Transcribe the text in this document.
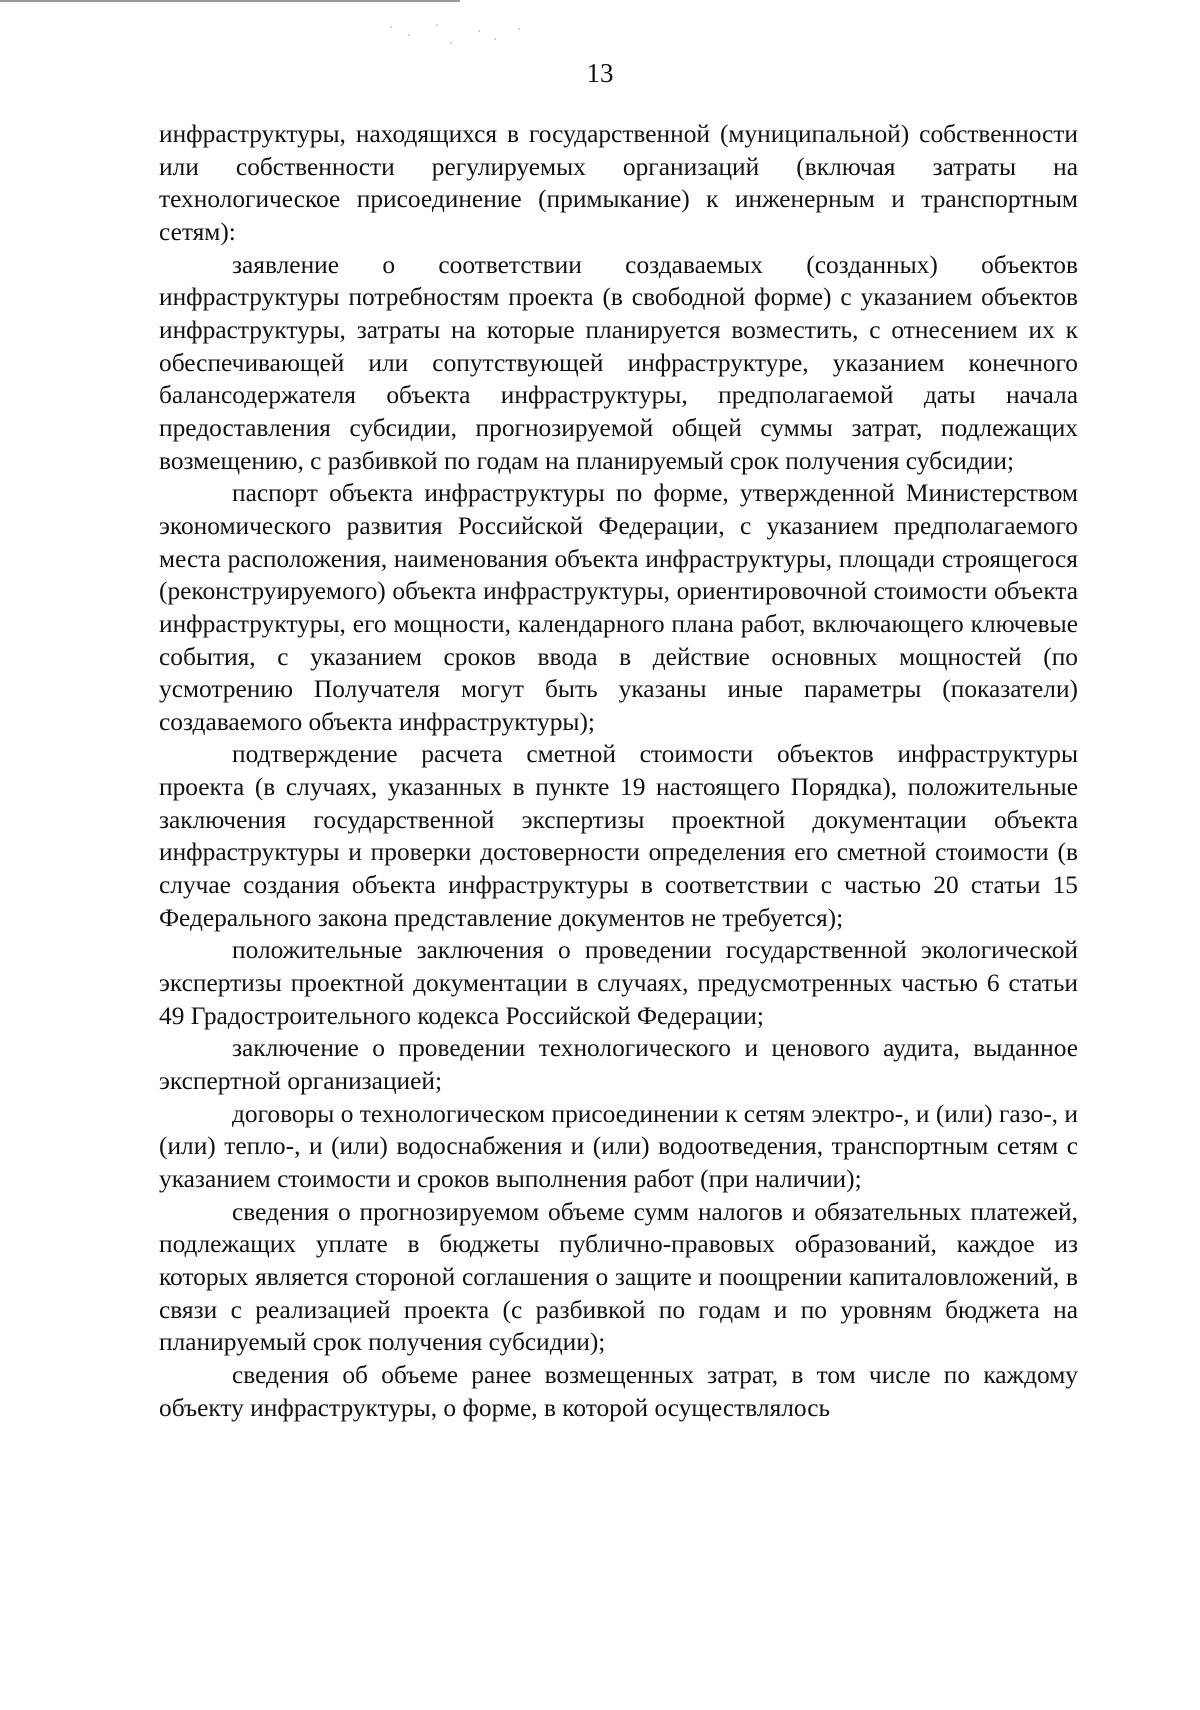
13

инфраструктуры, находящихся в государственной (муниципальной) собственности или собственности регулируемых организаций (включая затраты на технологическое присоединение (примыкание) к инженерным и транспортным сетям):

заявление о соответствии создаваемых (созданных) объектов инфраструктуры потребностям проекта (в свободной форме) с указанием объектов инфраструктуры, затраты на которые планируется возместить, с отнесением их к обеспечивающей или сопутствующей инфраструктуре, указанием конечного балансодержателя объекта инфраструктуры, предполагаемой даты начала предоставления субсидии, прогнозируемой общей суммы затрат, подлежащих возмещению, с разбивкой по годам на планируемый срок получения субсидии;

паспорт объекта инфраструктуры по форме, утвержденной Министерством экономического развития Российской Федерации, с указанием предполагаемого места расположения, наименования объекта инфраструктуры, площади строящегося (реконструируемого) объекта инфраструктуры, ориентировочной стоимости объекта инфраструктуры, его мощности, календарного плана работ, включающего ключевые события, с указанием сроков ввода в действие основных мощностей (по усмотрению Получателя могут быть указаны иные параметры (показатели) создаваемого объекта инфраструктуры);

подтверждение расчета сметной стоимости объектов инфраструктуры проекта (в случаях, указанных в пункте 19 настоящего Порядка), положительные заключения государственной экспертизы проектной документации объекта инфраструктуры и проверки достоверности определения его сметной стоимости (в случае создания объекта инфраструктуры в соответствии с частью 20 статьи 15 Федерального закона представление документов не требуется);

положительные заключения о проведении государственной экологической экспертизы проектной документации в случаях, предусмотренных частью 6 статьи 49 Градостроительного кодекса Российской Федерации;

заключение о проведении технологического и ценового аудита, выданное экспертной организацией;

договоры о технологическом присоединении к сетям электро-, и (или) газо-, и (или) тепло-, и (или) водоснабжения и (или) водоотведения, транспортным сетям с указанием стоимости и сроков выполнения работ (при наличии);

сведения о прогнозируемом объеме сумм налогов и обязательных платежей, подлежащих уплате в бюджеты публично-правовых образований, каждое из которых является стороной соглашения о защите и поощрении капиталовложений, в связи с реализацией проекта (с разбивкой по годам и по уровням бюджета на планируемый срок получения субсидии);

сведения об объеме ранее возмещенных затрат, в том числе по каждому объекту инфраструктуры, о форме, в которой осуществлялось
